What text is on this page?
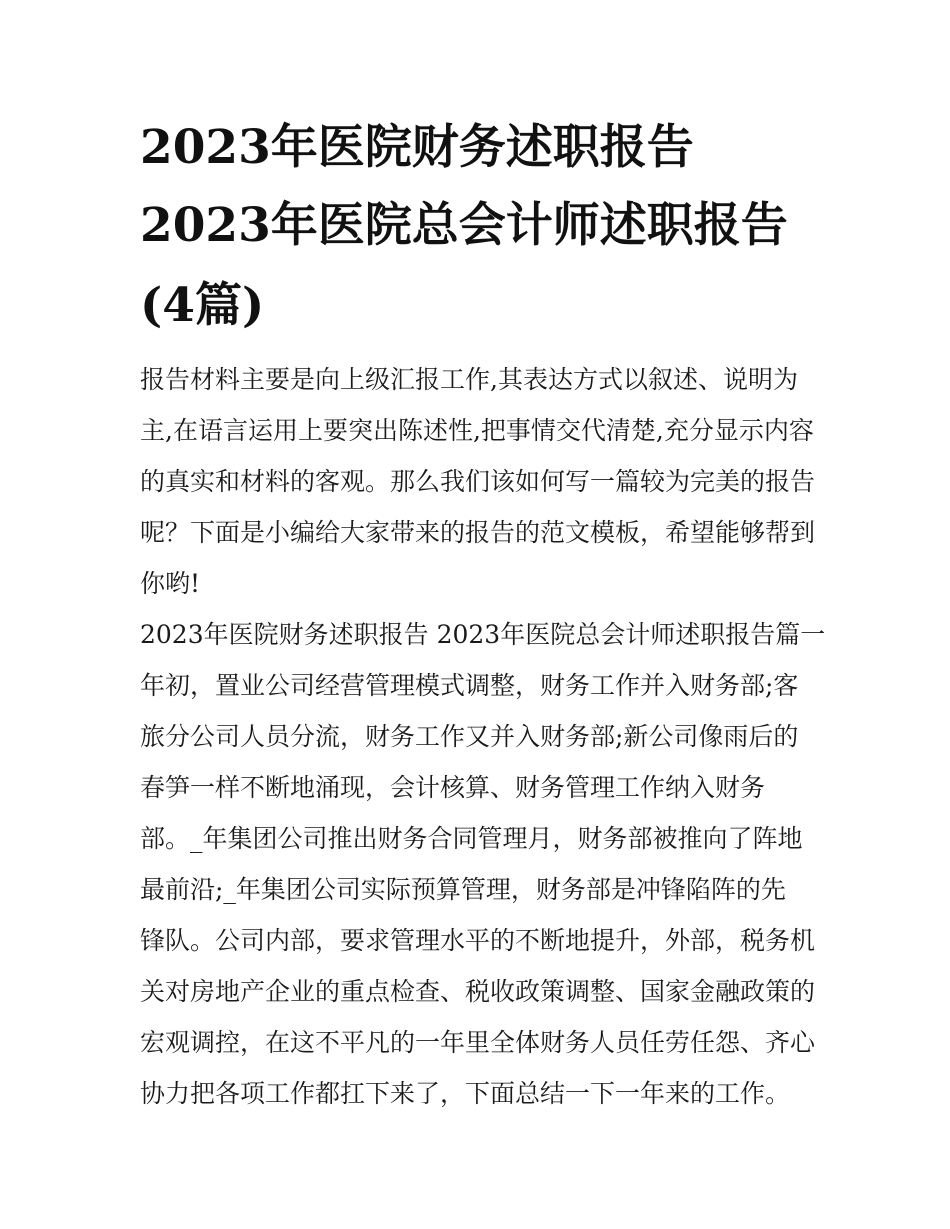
2023年医院财务述职报告
2023年医院总会计师述职报告
(4篇)

报告材料主要是向上级汇报工作,其表达方式以叙述、说明为

主,在语言运用上要突出陈述性,把事情交代清楚,充分显示内容

的真实和材料的客观。那么我们该如何写一篇较为完美的报告

呢？下面是小编给大家带来的报告的范文模板，希望能够帮到

你哟!

2023年医院财务述职报告 2023年医院总会计师述职报告篇一

年初，置业公司经营管理模式调整，财务工作并入财务部;客

旅分公司人员分流，财务工作又并入财务部;新公司像雨后的

春笋一样不断地涌现，会计核算、财务管理工作纳入财务

部。_年集团公司推出财务合同管理月，财务部被推向了阵地

最前沿;_年集团公司实际预算管理，财务部是冲锋陷阵的先

锋队。公司内部，要求管理水平的不断地提升，外部，税务机

关对房地产企业的重点检查、税收政策调整、国家金融政策的

宏观调控，在这不平凡的一年里全体财务人员任劳任怨、齐心

协力把各项工作都扛下来了，下面总结一下一年来的工作。
